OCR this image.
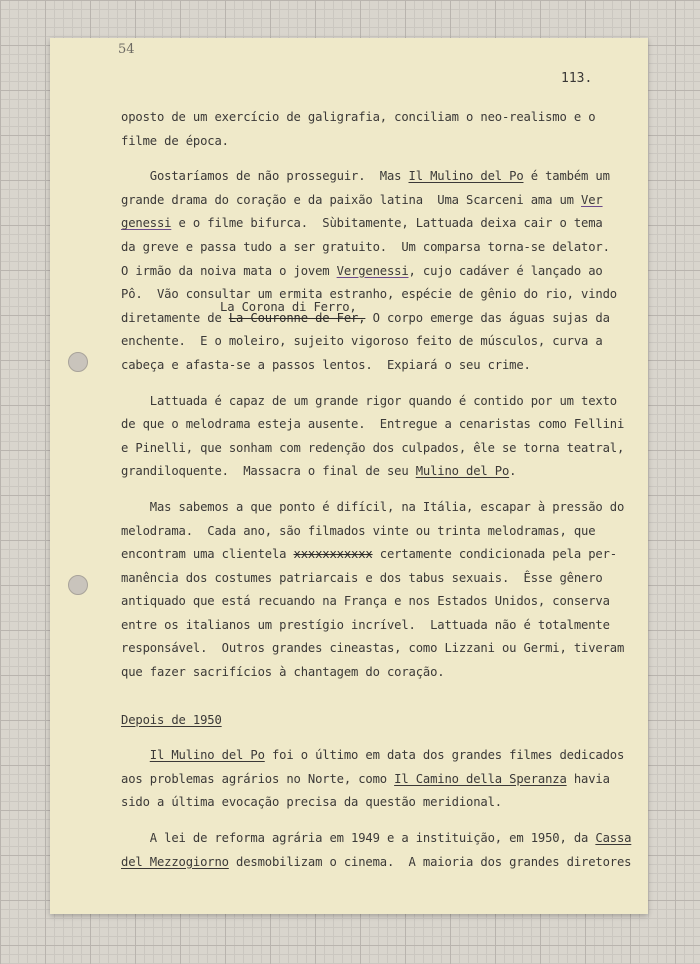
54
113.
La Corona di Ferro,
oposto de um exercício de galigrafia, conciliam o neo-realismo e o
filme de época.
Gostaríamos de não prosseguir.  Mas Il Mulino del Po é também um
grande drama do coração e da paixão latina  Uma Scarceni ama um Ver
genessi e o filme bifurca.  Sùbitamente, Lattuada deixa cair o tema
da greve e passa tudo a ser gratuito.  Um comparsa torna-se delator.
O irmão da noiva mata o jovem Vergenessi, cujo cadáver é lançado ao
Pô.  Vão consultar um ermita estranho, espécie de gênio do rio, vindo
diretamente de La Couronne de Fer, O corpo emerge das águas sujas da
enchente.  E o moleiro, sujeito vigoroso feito de músculos, curva a
cabeça e afasta-se a passos lentos.  Expiará o seu crime.
Lattuada é capaz de um grande rigor quando é contido por um texto
de que o melodrama esteja ausente.  Entregue a cenaristas como Fellini
e Pinelli, que sonham com redenção dos culpados, êle se torna teatral,
grandiloquente.  Massacra o final de seu Mulino del Po.
Mas sabemos a que ponto é difícil, na Itália, escapar à pressão do
melodrama.  Cada ano, são filmados vinte ou trinta melodramas, que
encontram uma clientela xxxxxxxxxxx certamente condicionada pela per-
manência dos costumes patriarcais e dos tabus sexuais.  Êsse gênero
antiquado que está recuando na França e nos Estados Unidos, conserva
entre os italianos um prestígio incrível.  Lattuada não é totalmente
responsável.  Outros grandes cineastas, como Lizzani ou Germi, tiveram
que fazer sacrifícios à chantagem do coração.
Depois de 1950
Il Mulino del Po foi o último em data dos grandes filmes dedicados
aos problemas agrários no Norte, como Il Camino della Speranza havia
sido a última evocação precisa da questão meridional.
A lei de reforma agrária em 1949 e a instituição, em 1950, da Cassa
del Mezzogiorno desmobilizam o cinema.  A maioria dos grandes diretores
